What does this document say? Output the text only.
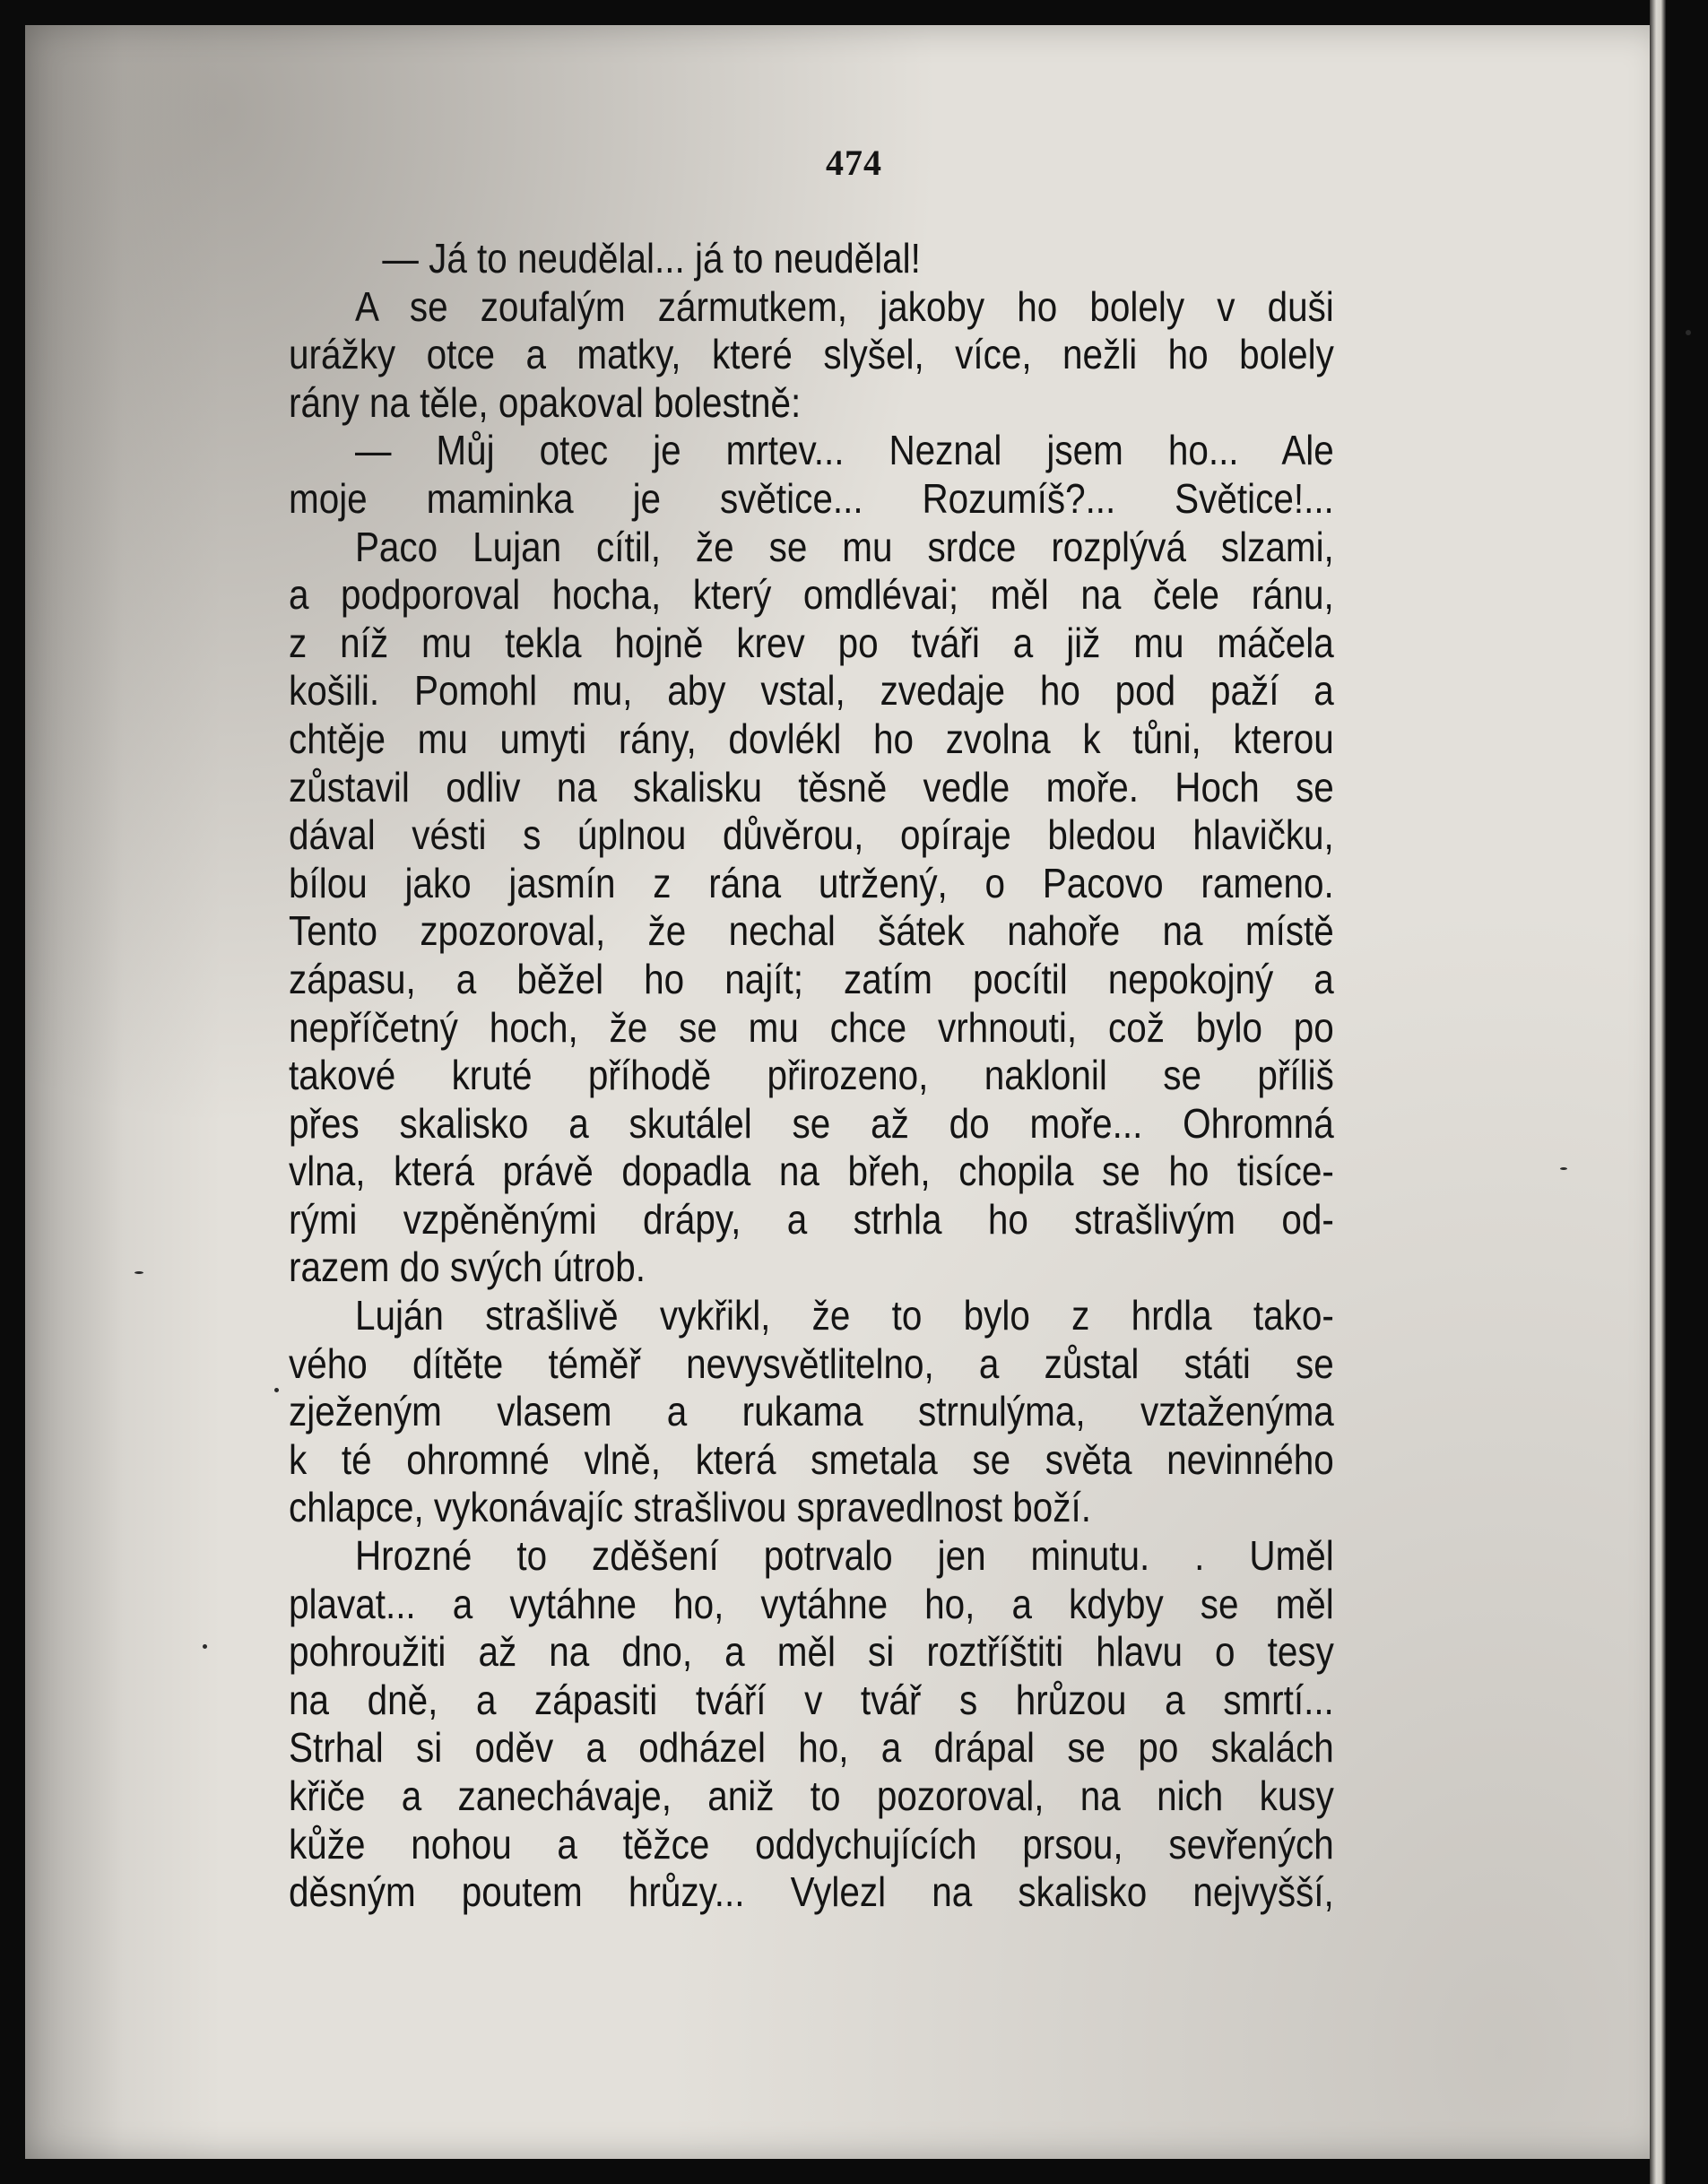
474
— Já to neudělal... já to neudělal!
A se zoufalým zármutkem, jakoby ho bolely v duši
urážky otce a matky, které slyšel, více, nežli ho bolely
rány na těle, opakoval bolestně:
— Můj otec je mrtev... Neznal jsem ho... Ale
moje maminka je světice... Rozumíš?... Světice!...
Paco Lujan cítil, že se mu srdce rozplývá slzami,
a podporoval hocha, který omdlévai; měl na čele ránu,
z níž mu tekla hojně krev po tváři a již mu máčela
košili. Pomohl mu, aby vstal, zvedaje ho pod paží a
chtěje mu umyti rány, dovlékl ho zvolna k tůni, kterou
zůstavil odliv na skalisku těsně vedle moře. Hoch se
dával vésti s úplnou důvěrou, opíraje bledou hlavičku,
bílou jako jasmín z rána utržený, o Pacovo rameno.
Tento zpozoroval, že nechal šátek nahoře na místě
zápasu, a běžel ho najít; zatím pocítil nepokojný a
nepříčetný hoch, že se mu chce vrhnouti, což bylo po
takové kruté příhodě přirozeno, naklonil se příliš
přes skalisko a skutálel se až do moře... Ohromná
vlna, která právě dopadla na břeh, chopila se ho tisíce-
rými vzpěněnými drápy, a strhla ho strašlivým od-
razem do svých útrob.
Luján strašlivě vykřikl, že to bylo z hrdla tako-
vého dítěte téměř nevysvětlitelno, a zůstal státi se
zježeným vlasem a rukama strnulýma, vztaženýma
k té ohromné vlně, která smetala se světa nevinného
chlapce, vykonávajíc strašlivou spravedlnost boží.
Hrozné to zděšení potrvalo jen minutu. . Uměl
plavat... a vytáhne ho, vytáhne ho, a kdyby se měl
pohroužiti až na dno, a měl si roztříštiti hlavu o tesy
na dně, a zápasiti tváří v tvář s hrůzou a smrtí...
Strhal si oděv a odházel ho, a drápal se po skalách
křiče a zanechávaje, aniž to pozoroval, na nich kusy
kůže nohou a těžce oddychujících prsou, sevřených
děsným poutem hrůzy... Vylezl na skalisko nejvyšší,
